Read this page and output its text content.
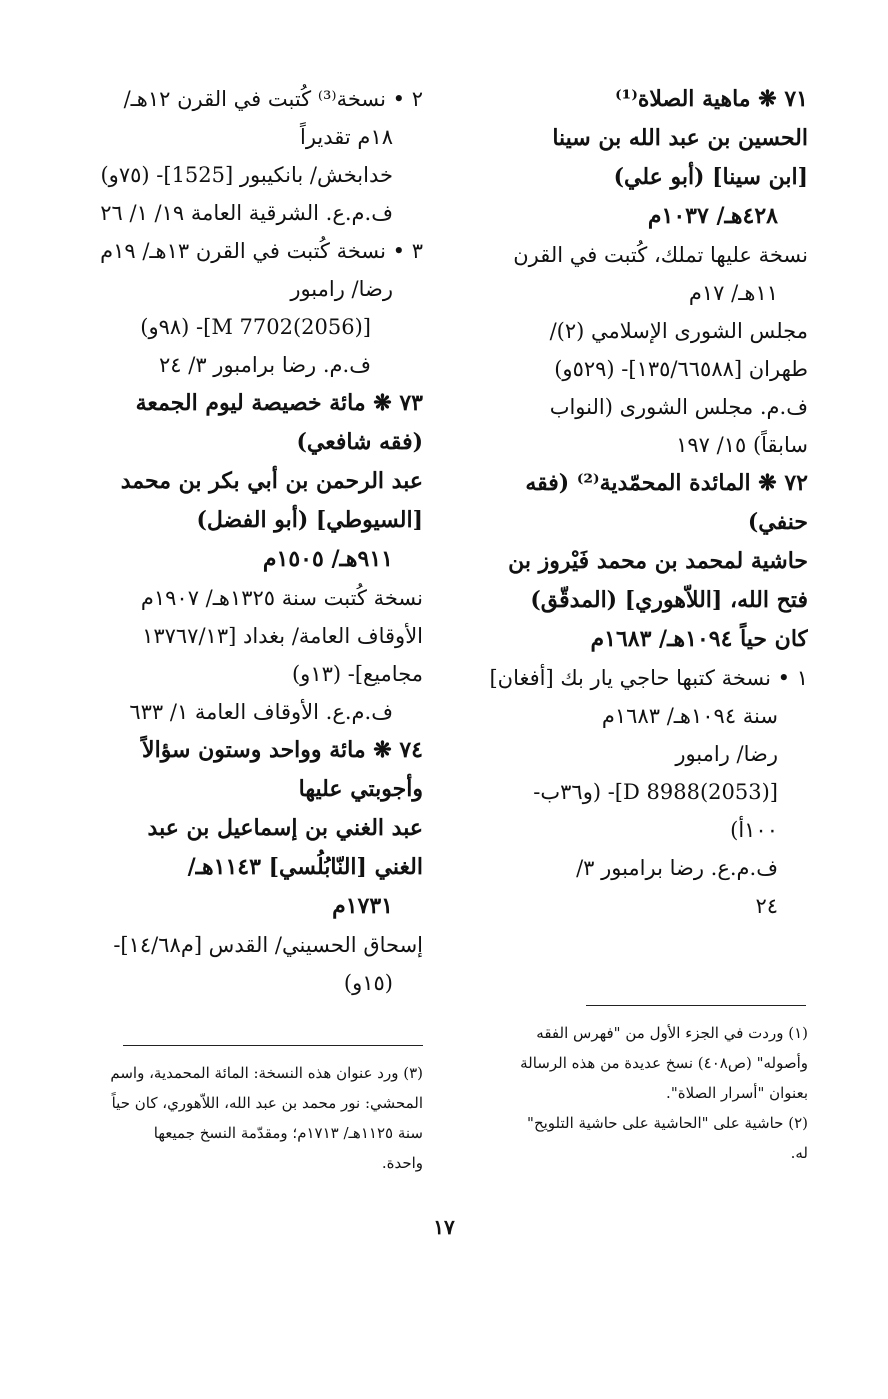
٧١ ❋ ماهية الصلاة⁽¹⁾
الحسين بن عبد الله بن سينا
[ابن سينا] (أبو علي)
٤٢٨هـ/ ١٠٣٧م
نسخة عليها تملك، كُتبت في القرن
١١هـ/ ١٧م
مجلس الشورى الإسلامي (٢)/
طهران [١٣٥/٦٦٥٨٨]- (٥٢٩و)
ف.م. مجلس الشورى (النواب
سابقاً) ١٥/ ١٩٧
٧٢ ❋ المائدة المحمّدية⁽²⁾ (فقه
حنفي)
حاشية لمحمد بن محمد فَيْروز بن
فتح الله، [اللاّهوري] (المدقّق)
كان حياً ١٠٩٤هـ/ ١٦٨٣م
١ • نسخة كتبها حاجي يار بك [أفغان]
سنة ١٠٩٤هـ/ ١٦٨٣م
رضا/ رامبور
[D 8988(2053)]- (و٣٦ب-
١٠٠أ)
ف.م.ع. رضا برامبور ٣/
٢٤
٢ • نسخة⁽³⁾ كُتبت في القرن ١٢هـ/
١٨م تقديراً
خدابخش/ بانكيبور [1525]- (٧٥و)
ف.م.ع. الشرقية العامة ١٩/ ١/ ٢٦
٣ • نسخة كُتبت في القرن ١٣هـ/ ١٩م
رضا/ رامبور
[M 7702(2056)]- (٩٨و)
ف.م. رضا برامبور ٣/ ٢٤
٧٣ ❋ مائة خصيصة ليوم الجمعة
(فقه شافعي)
عبد الرحمن بن أبي بكر بن محمد
[السيوطي] (أبو الفضل)
٩١١هـ/ ١٥٠٥م
نسخة كُتبت سنة ١٣٢٥هـ/ ١٩٠٧م
الأوقاف العامة/ بغداد [١٣٧٦٧/١٣
مجاميع]- (١٣و)
ف.م.ع. الأوقاف العامة ١/ ٦٣٣
٧٤ ❋ مائة وواحد وستون سؤالاً
وأجوبتي عليها
عبد الغني بن إسماعيل بن عبد
الغني [النّابُلُسي] ١١٤٣هـ/
١٧٣١م
إسحاق الحسيني/ القدس [م١٤/٦٨]-
(١٥و)
(١) وردت في الجزء الأول من "فهرس الفقه
وأصوله" (ص٤٠٨) نسخ عديدة من هذه الرسالة
بعنوان "أسرار الصلاة".
(٢) حاشية على "الحاشية على حاشية التلويح"
له.
(٣) ورد عنوان هذه النسخة: المائة المحمدية، واسم
المحشي: نور محمد بن عبد الله، اللاّهوري، كان حياً
سنة ١١٢٥هـ/ ١٧١٣م؛ ومقدّمة النسخ جميعها
واحدة.
١٧
